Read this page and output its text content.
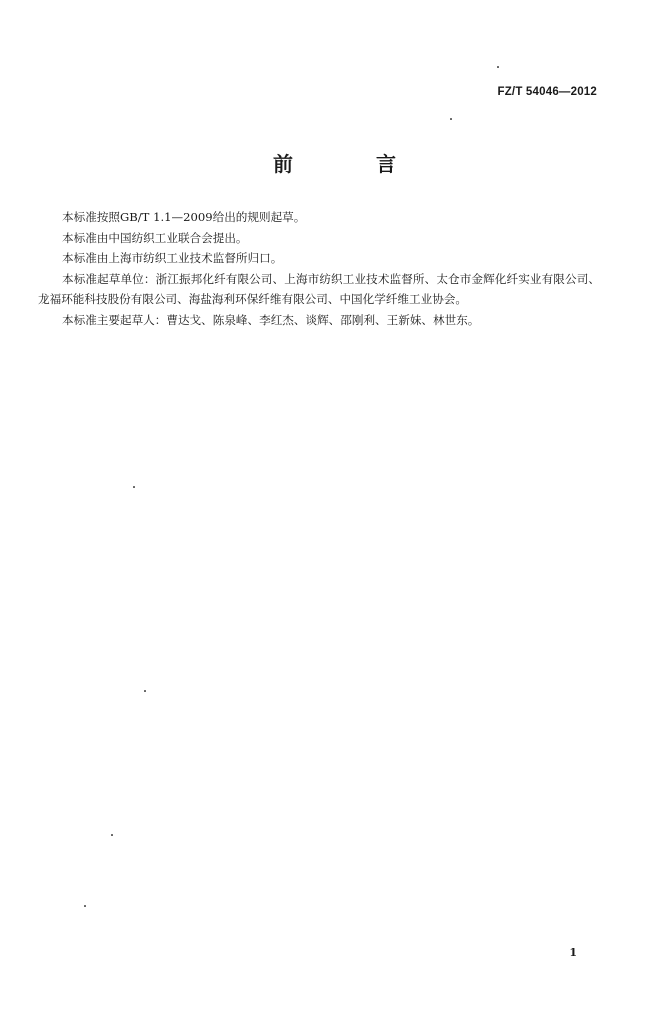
FZ/T 54046—2012
前 言

本标准按照GB/T 1.1—2009给出的规则起草。

本标准由中国纺织工业联合会提出。

本标准由上海市纺织工业技术监督所归口。

本标准起草单位：浙江振邦化纤有限公司、上海市纺织工业技术监督所、太仓市金辉化纤实业有限公司、龙福环能科技股份有限公司、海盐海利环保纤维有限公司、中国化学纤维工业协会。

本标准主要起草人：曹达戈、陈泉峰、李红杰、谈辉、邵刚利、王新妹、林世东。

1
